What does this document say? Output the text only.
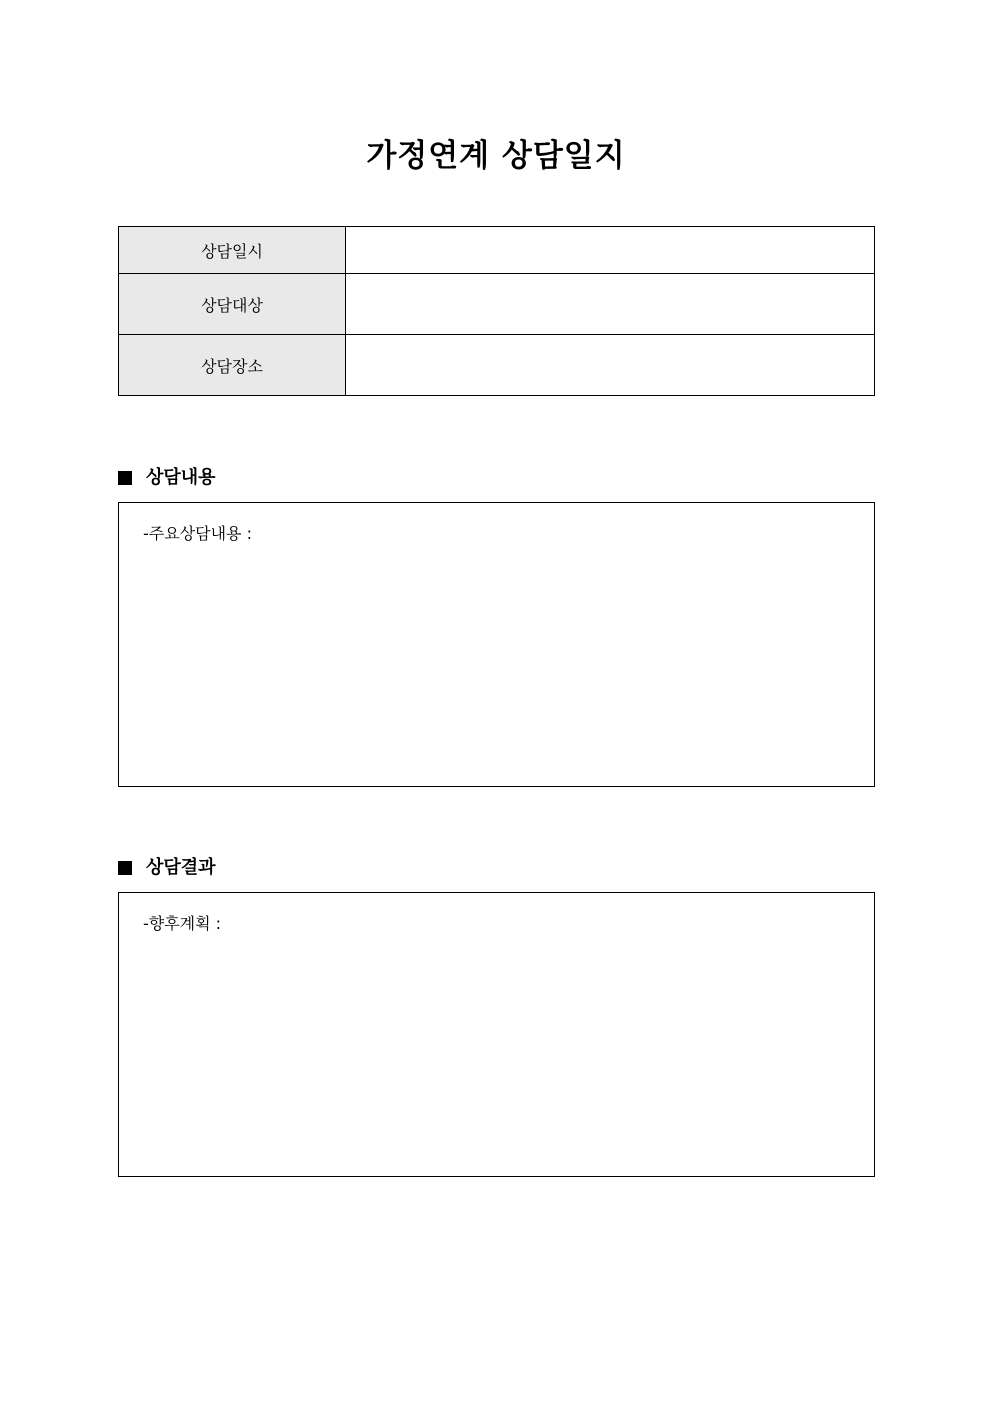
가정연계 상담일지
상담일시	
상담대상	
상담장소	
상담내용
-주요상담내용 :
상담결과
-향후계획 :
